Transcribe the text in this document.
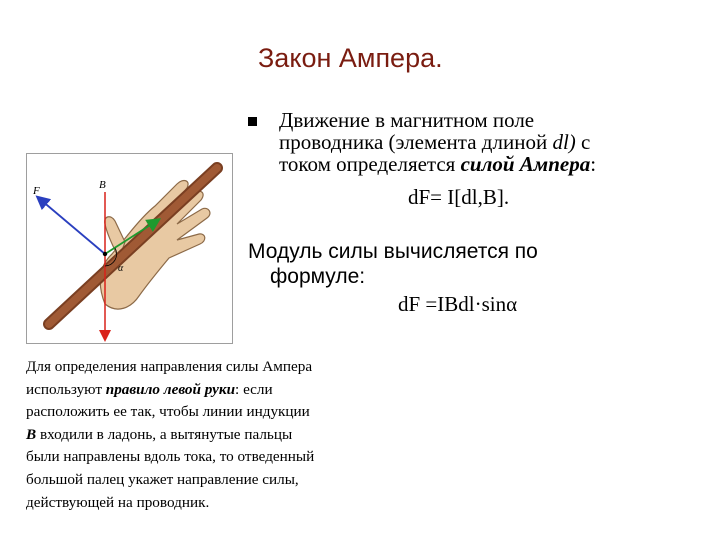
Закон Ампера.
Движение в магнитном поле
проводника (элемента длиной dl) с
током определяется силой Ампера:
dF= I[dl,B].
Модуль силы вычисляется по
формуле:
dF =IBdl·sinα
F	B
α
Для определения направления силы Ампера
используют правило левой руки: если
расположить ее так, чтобы линии индукции
B входили в ладонь, а вытянутые пальцы
были направлены вдоль тока, то отведенный
большой палец укажет направление силы,
действующей на проводник.
